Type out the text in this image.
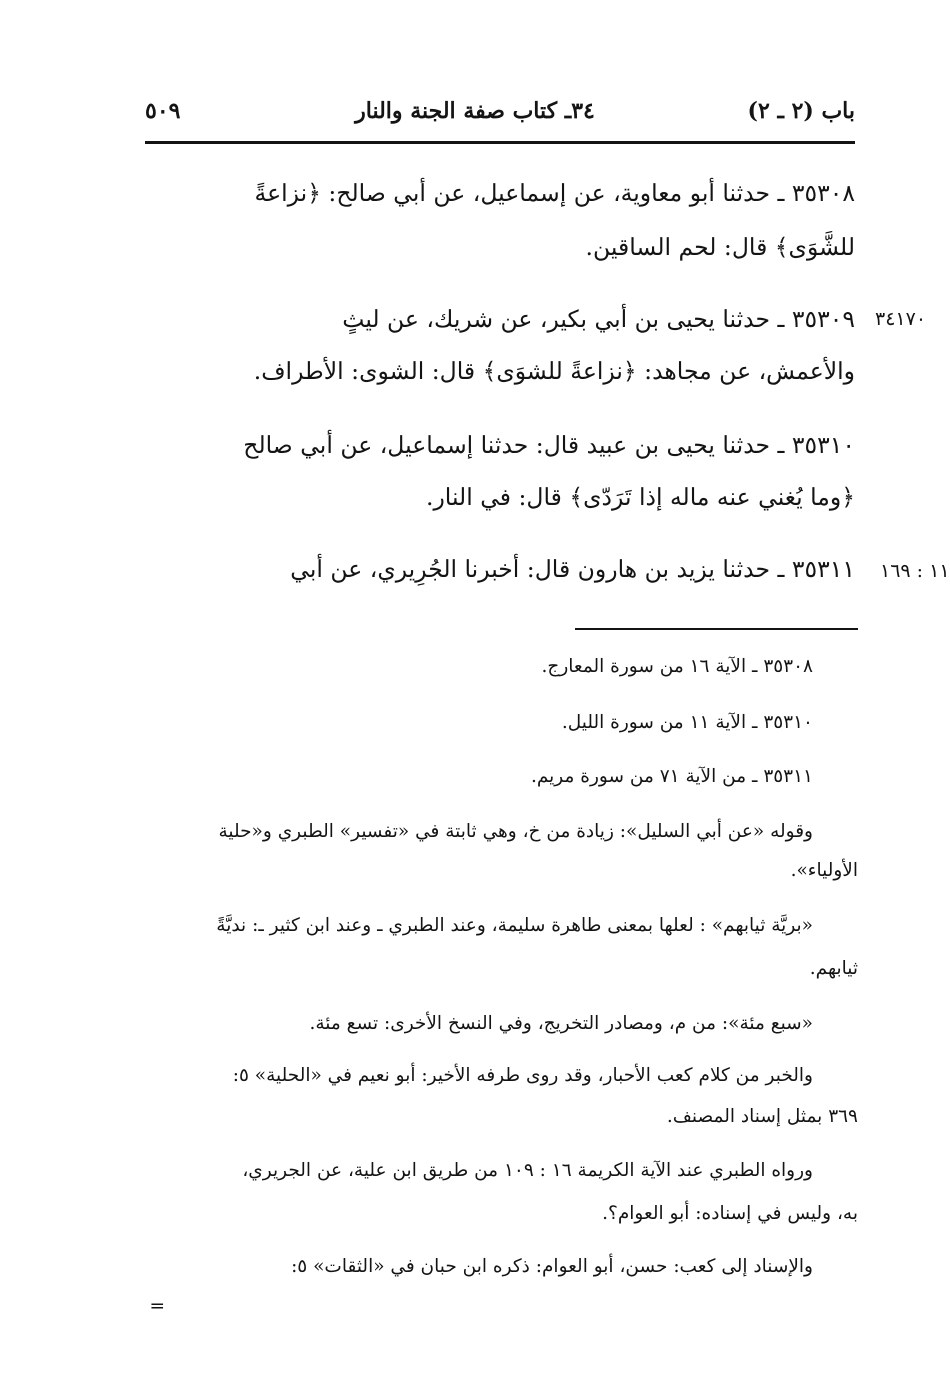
باب (٢ ـ ٢)
٣٤ـ كتاب صفة الجنة والنار
٥٠٩
٣٤١٧٠
١١ : ١٦٩
٣٥٣٠٨ ـ حدثنا أبو معاوية، عن إسماعيل، عن أبي صالح: ﴿نزاعةً
للشَّوَى﴾ قال: لحم الساقين.
٣٥٣٠٩ ـ حدثنا يحيى بن أبي بكير، عن شريك، عن ليثٍ
والأعمش، عن مجاهد: ﴿نزاعةً للشوَى﴾ قال: الشوى: الأطراف.
٣٥٣١٠ ـ حدثنا يحيى بن عبيد قال: حدثنا إسماعيل، عن أبي صالح
﴿وما يُغني عنه ماله إذا تَرَدّى﴾ قال: في النار.
٣٥٣١١ ـ حدثنا يزيد بن هارون قال: أخبرنا الجُرِيري، عن أبي
٣٥٣٠٨ ـ الآية ١٦ من سورة المعارج.
٣٥٣١٠ ـ الآية ١١ من سورة الليل.
٣٥٣١١ ـ من الآية ٧١ من سورة مريم.
وقوله «عن أبي السليل»: زيادة من خ، وهي ثابتة في «تفسير» الطبري و«حلية
الأولياء».
«بريَّة ثيابهم» : لعلها بمعنى طاهرة سليمة، وعند الطبري ـ وعند ابن كثير ـ: نديَّةً
ثيابهم.
«سبع مئة»: من م، ومصادر التخريج، وفي النسخ الأخرى: تسع مئة.
والخبر من كلام كعب الأحبار، وقد روى طرفه الأخير: أبو نعيم في «الحلية» ٥:
٣٦٩ بمثل إسناد المصنف.
ورواه الطبري عند الآية الكريمة ١٦ : ١٠٩ من طريق ابن علية، عن الجريري،
به، وليس في إسناده: أبو العوام؟.
والإسناد إلى كعب: حسن، أبو العوام: ذكره ابن حبان في «الثقات» ٥:
=
